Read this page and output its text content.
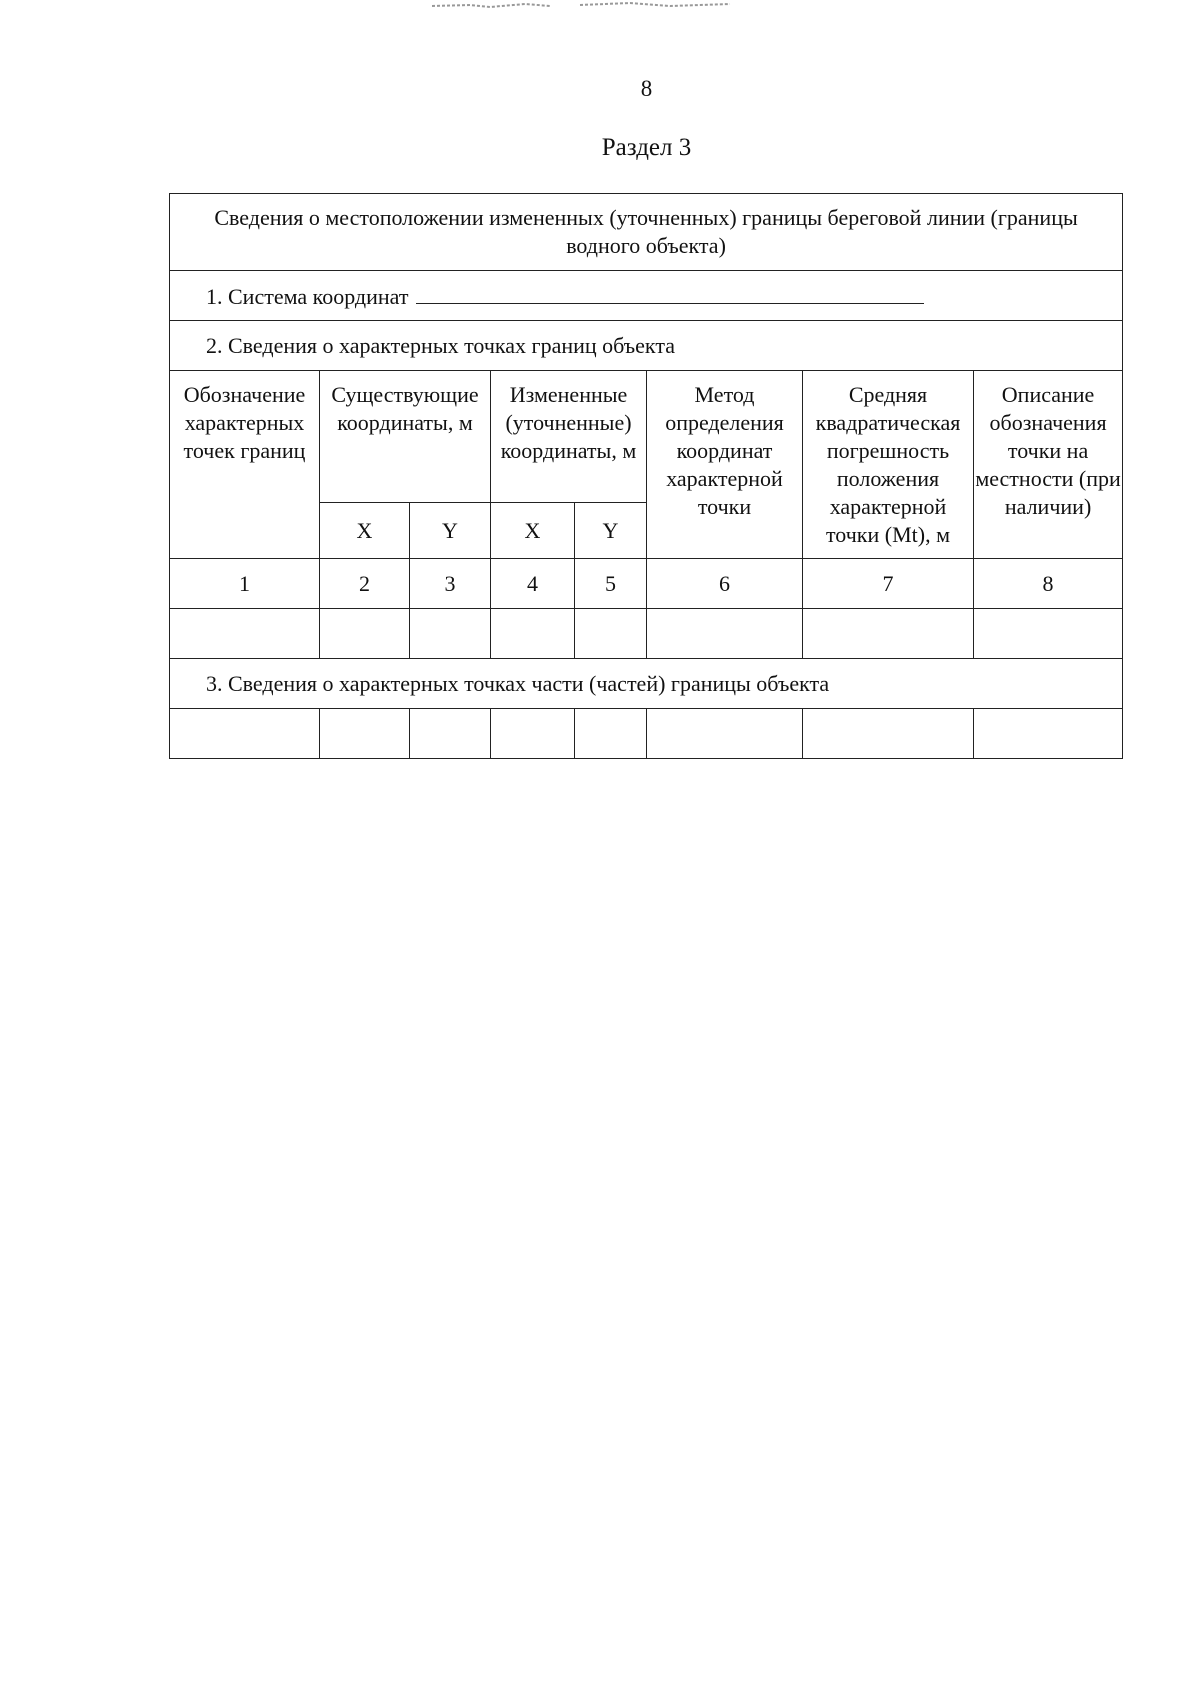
8
Раздел 3
Сведения о местоположении измененных (уточненных) границы береговой линии (границы водного объекта)							
1. Система координат							
2. Сведения о характерных точках границ объекта							
Обозначение характерных точек границ	Существующие координаты, м		Измененные (уточненные) координаты, м		Метод определения координат характерной точки	Средняя квадратическая погрешность положения характерной точки (Mt), м	Описание обозначения точки на местности (при наличии)
	X	Y	X	Y			
1	2	3	4	5	6	7	8

3. Сведения о характерных точках части (частей) границы объекта							
